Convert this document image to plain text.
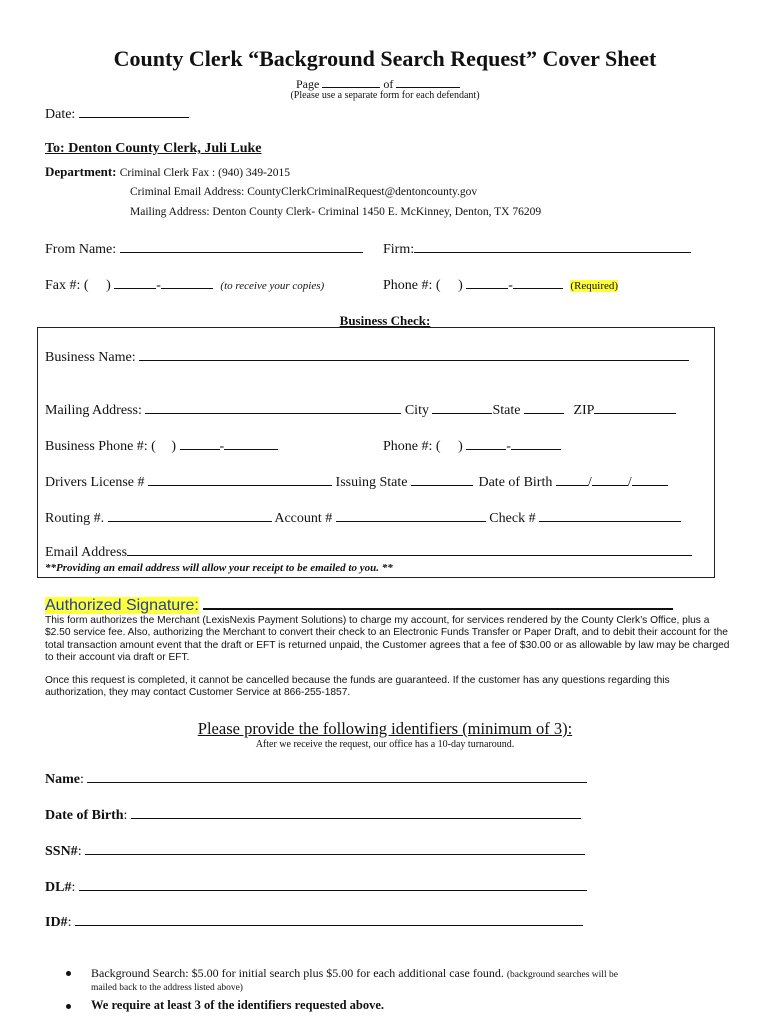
County Clerk “Background Search Request” Cover Sheet
Page	of
(Please use a separate form for each defendant)
Date:
To: Denton County Clerk, Juli Luke
Department: Criminal Clerk Fax : (940) 349-2015
Criminal Email Address: CountyClerkCriminalRequest@dentoncounty.gov
Mailing Address: Denton County Clerk- Criminal 1450 E. McKinney, Denton, TX 76209
From Name:	Firm:
Fax #: ( )	-	(to receive your copies)	Phone #: ( )	-	(Required)
Business Check:
Business Name:
Mailing Address:	City	State	ZIP
Business Phone #: ( )	-	Phone #: ( )	-
Drivers License #	Issuing State	Date of Birth	/	/
Routing #.	Account #	Check #
Email Address
**Providing an email address will allow your receipt to be emailed to you. **
Authorized Signature:
This form authorizes the Merchant (LexisNexis Payment Solutions) to charge my account, for services rendered by the County Clerk’s Office, plus a $2.50 service fee. Also, authorizing the Merchant to convert their check to an Electronic Funds Transfer or Paper Draft, and to debit their account for the total transaction amount event that the draft or EFT is returned unpaid, the Customer agrees that a fee of $30.00 or as allowable by law may be charged to their account via draft or EFT.
Once this request is completed, it cannot be cancelled because the funds are guaranteed. If the customer has any questions regarding this authorization, they may contact Customer Service at 866-255-1857.
Please provide the following identifiers (minimum of 3):
After we receive the request, our office has a 10-day turnaround.
Name:
Date of Birth:
SSN#:
DL#:
ID#:
Background Search: $5.00 for initial search plus $5.00 for each additional case found. (background searches will be
mailed back to the address listed above)
We require at least 3 of the identifiers requested above.
